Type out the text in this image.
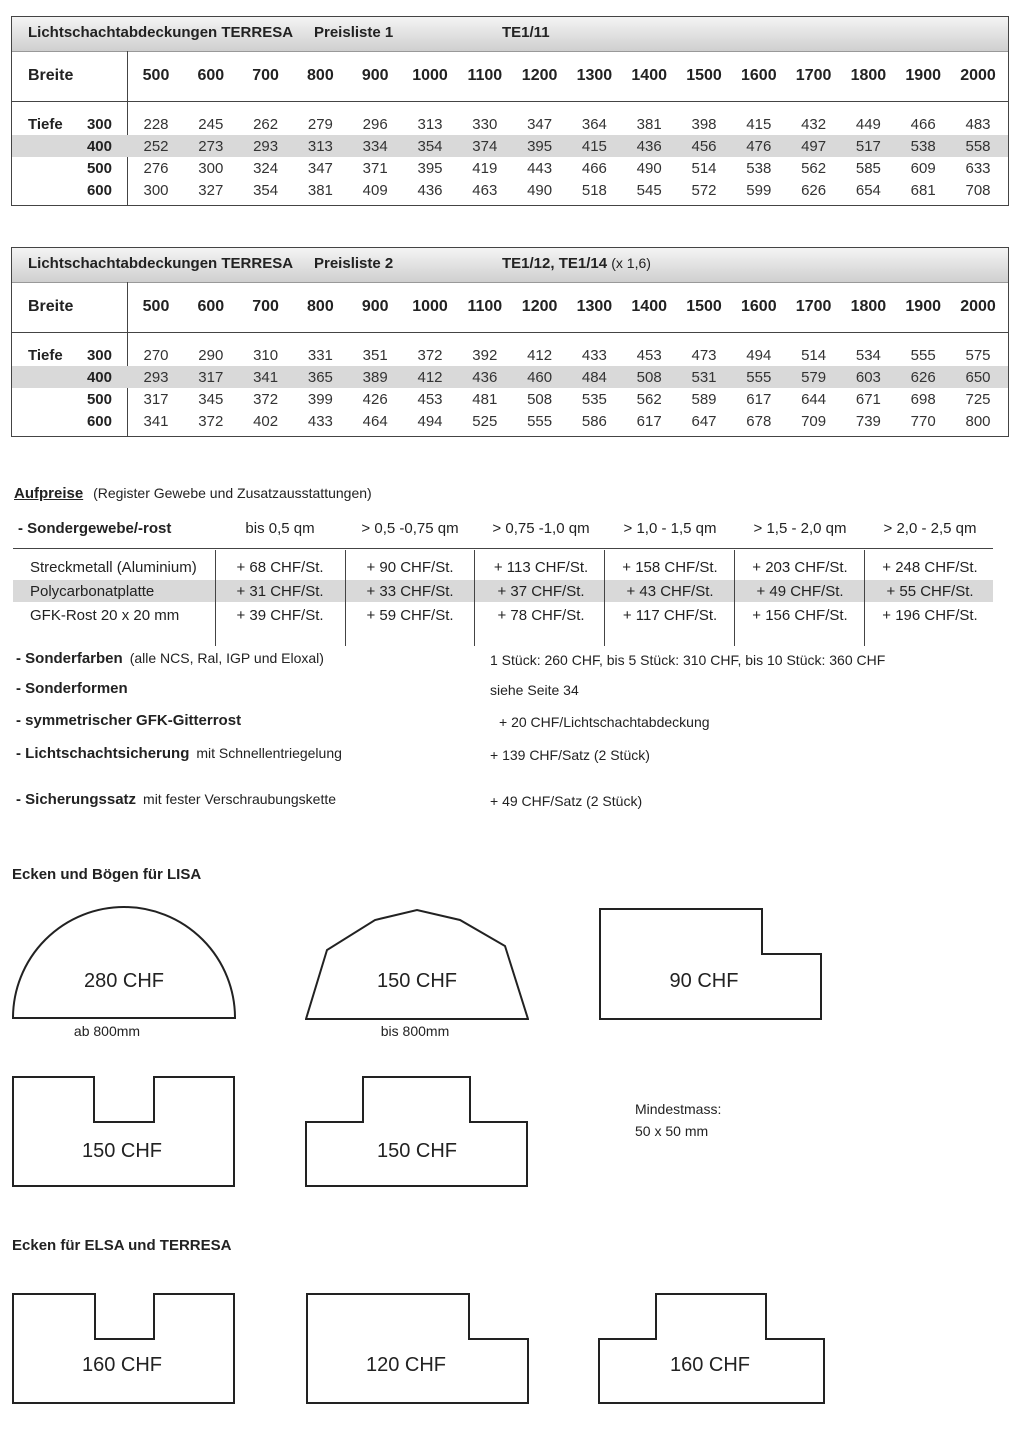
Lichtschachtabdeckungen TERRESA Preisliste 1	TE1/11
Breite	500	600	700	800	900	1000	1100	1200	1300	1400	1500	1600	1700	1800	1900	2000
Tiefe	300	228	245	262	279	296	313	330	347	364	381	398	415	432	449	466	483
400	252	273	293	313	334	354	374	395	415	436	456	476	497	517	538	558
500	276	300	324	347	371	395	419	443	466	490	514	538	562	585	609	633
600	300	327	354	381	409	436	463	490	518	545	572	599	626	654	681	708
Lichtschachtabdeckungen TERRESA Preisliste 2	TE1/12, TE1/14 (x 1,6)
Breite	500	600	700	800	900	1000	1100	1200	1300	1400	1500	1600	1700	1800	1900	2000
Tiefe	300	270	290	310	331	351	372	392	412	433	453	473	494	514	534	555	575
400	293	317	341	365	389	412	436	460	484	508	531	555	579	603	626	650
500	317	345	372	399	426	453	481	508	535	562	589	617	644	671	698	725
600	341	372	402	433	464	494	525	555	586	617	647	678	709	739	770	800
Aufpreise (Register Gewebe und Zusatzausstattungen)
- Sondergewebe/-rost	bis 0,5 qm	> 0,5 -0,75 qm	> 0,75 -1,0 qm	> 1,0 - 1,5 qm	> 1,5 - 2,0 qm	> 2,0 - 2,5 qm
Streckmetall (Aluminium)	+ 68 CHF/St.	+ 90 CHF/St.	+ 113 CHF/St.	+ 158 CHF/St.	+ 203 CHF/St.	+ 248 CHF/St.
Polycarbonatplatte	+ 31 CHF/St.	+ 33 CHF/St.	+ 37 CHF/St.	+ 43 CHF/St.	+ 49 CHF/St.	+ 55 CHF/St.
GFK-Rost 20 x 20 mm	+ 39 CHF/St.	+ 59 CHF/St.	+ 78 CHF/St.	+ 117 CHF/St.	+ 156 CHF/St.	+ 196 CHF/St.
- Sonderfarben (alle NCS, Ral, IGP und Eloxal)	1 Stück: 260 CHF, bis 5 Stück: 310 CHF, bis 10 Stück: 360 CHF
- Sonderformen	siehe Seite 34
- symmetrischer GFK-Gitterrost	+ 20 CHF/Lichtschachtabdeckung
- Lichtschachtsicherung mit Schnellentriegelung	+ 139 CHF/Satz (2 Stück)
- Sicherungssatz mit fester Verschraubungskette	+ 49 CHF/Satz (2 Stück)
Ecken und Bögen für LISA
280 CHF
ab 800mm
150 CHF
bis 800mm
90 CHF
150 CHF	150 CHF
Mindestmass:
50 x 50 mm
Ecken für ELSA und TERRESA
160 CHF	120 CHF	160 CHF
